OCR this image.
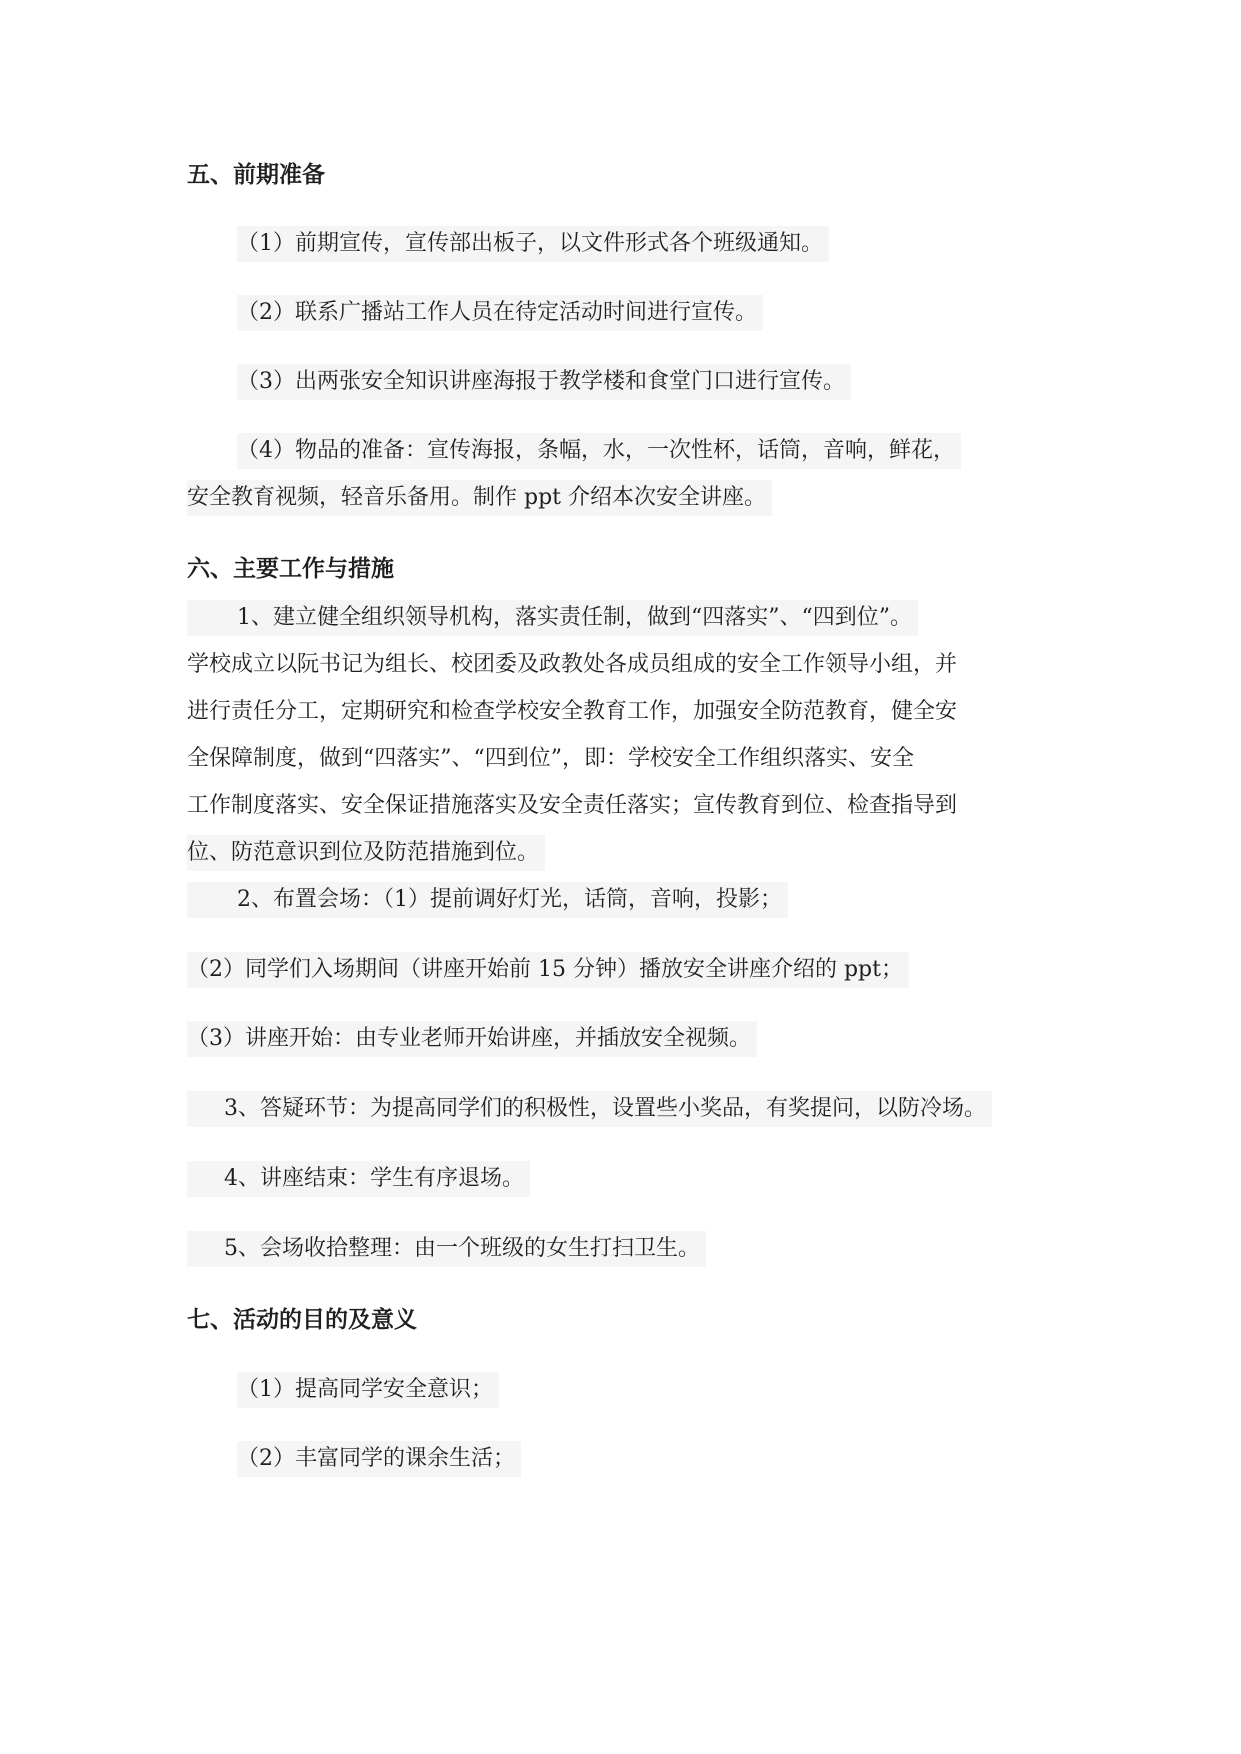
五、前期准备
（1）前期宣传，宣传部出板子，以文件形式各个班级通知。
（2）联系广播站工作人员在待定活动时间进行宣传。
（3）出两张安全知识讲座海报于教学楼和食堂门口进行宣传。
（4）物品的准备：宣传海报，条幅，水，一次性杯，话筒，音响，鲜花，
安全教育视频，轻音乐备用。制作 ppt 介绍本次安全讲座。
六、主要工作与措施
1、建立健全组织领导机构，落实责任制，做到“四落实”、“四到位”。
学校成立以阮书记为组长、校团委及政教处各成员组成的安全工作领导小组，并
进行责任分工，定期研究和检查学校安全教育工作，加强安全防范教育，健全安
全保障制度，做到“四落实”、“四到位”，即：学校安全工作组织落实、安全
工作制度落实、安全保证措施落实及安全责任落实；宣传教育到位、检查指导到
位、防范意识到位及防范措施到位。
2、布置会场：（1）提前调好灯光，话筒，音响，投影；
（2）同学们入场期间（讲座开始前 15 分钟）播放安全讲座介绍的 ppt；
（3）讲座开始：由专业老师开始讲座，并插放安全视频。
3、答疑环节：为提高同学们的积极性，设置些小奖品，有奖提问，以防冷场。
4、讲座结束：学生有序退场。
5、会场收拾整理：由一个班级的女生打扫卫生。
七、活动的目的及意义
（1）提高同学安全意识；
（2）丰富同学的课余生活；
